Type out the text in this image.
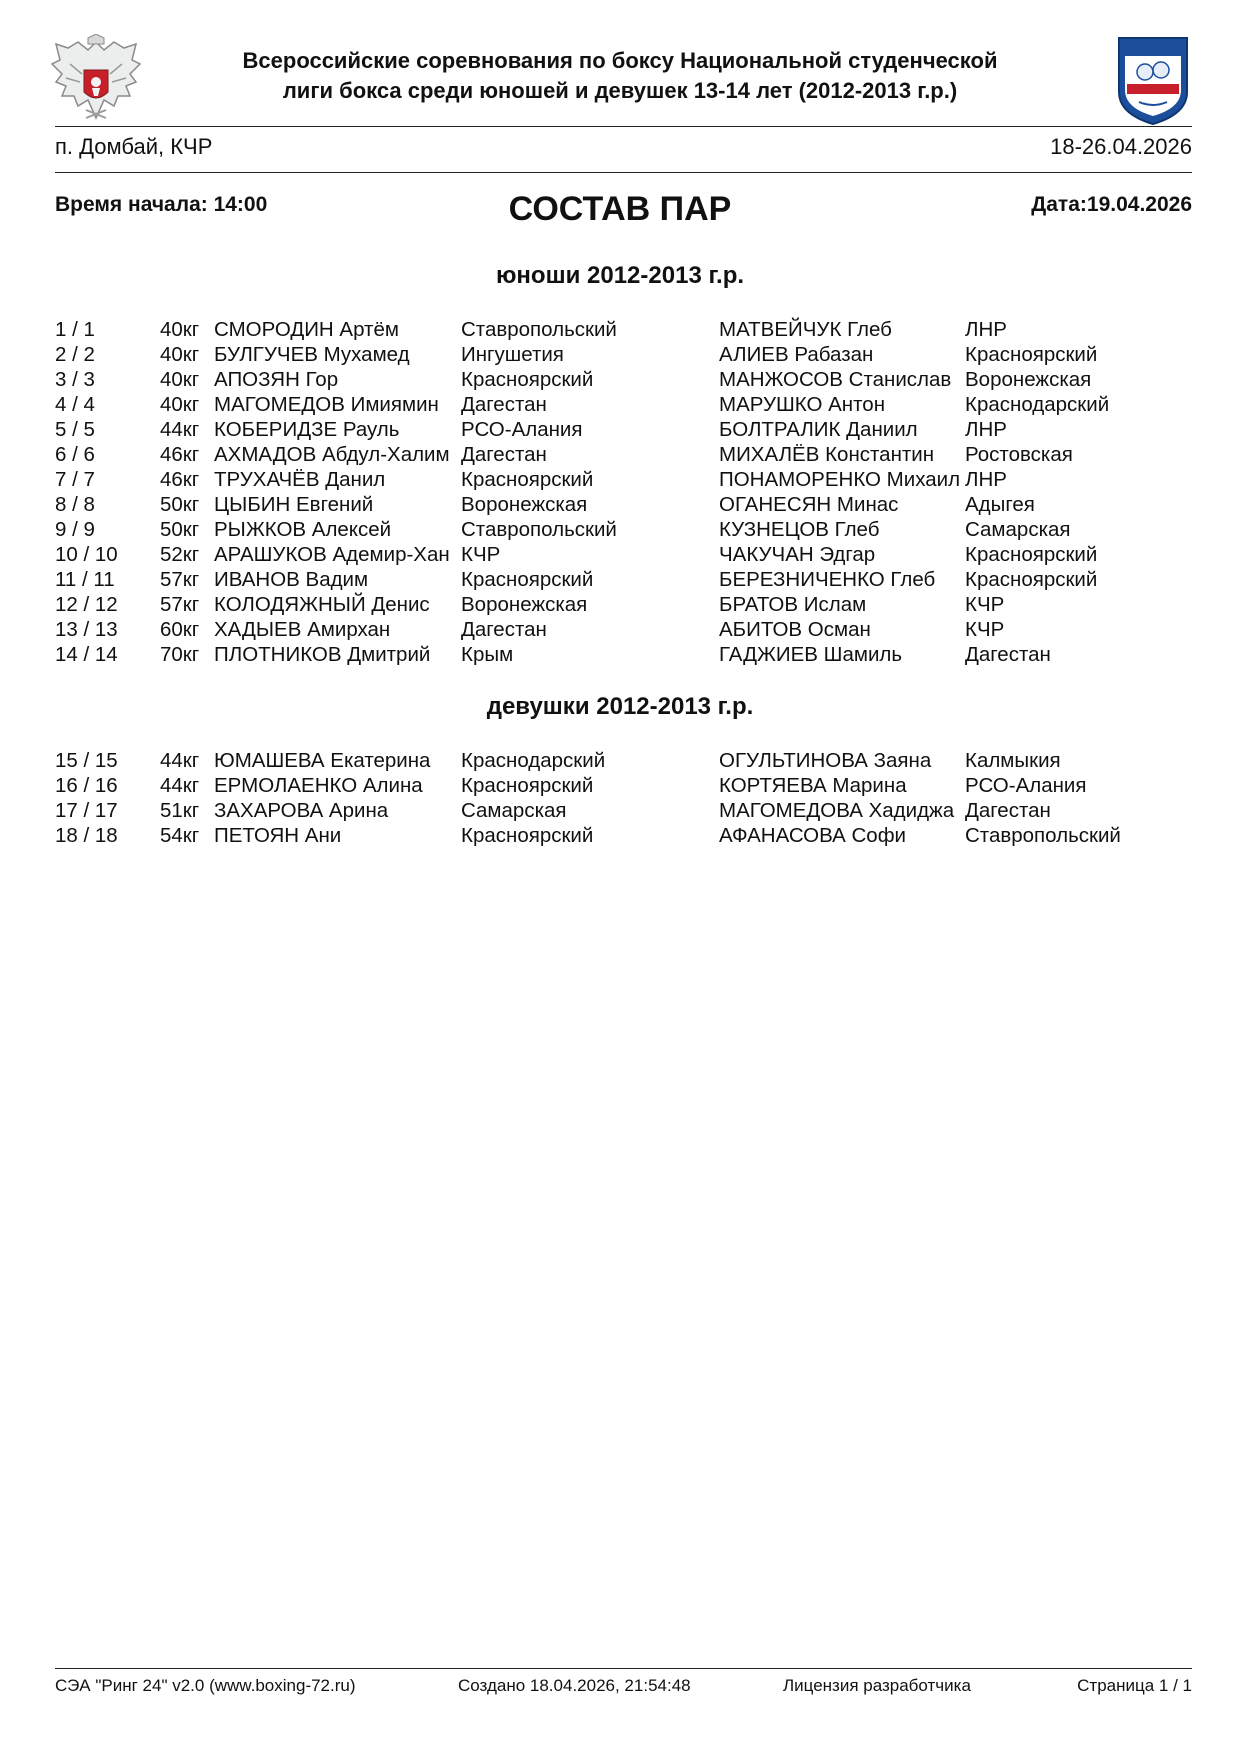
Всероссийские соревнования по боксу Национальной студенческой
лиги бокса среди юношей и девушек 13-14 лет (2012-2013 г.р.)
п. Домбай, КЧР	18-26.04.2026
Время начала: 14:00	СОСТАВ ПАР	Дата:19.04.2026
юноши 2012-2013 г.р.
1 / 1	40кг	СМОРОДИН Артём	Ставропольский	МАТВЕЙЧУК Глеб	ЛНР
2 / 2	40кг	БУЛГУЧЕВ Мухамед	Ингушетия	АЛИЕВ Рабазан	Красноярский
3 / 3	40кг	АПОЗЯН Гор	Красноярский	МАНЖОСОВ Станислав	Воронежская
4 / 4	40кг	МАГОМЕДОВ Имиямин	Дагестан	МАРУШКО Антон	Краснодарский
5 / 5	44кг	КОБЕРИДЗЕ Рауль	РСО-Алания	БОЛТРАЛИК Даниил	ЛНР
6 / 6	46кг	АХМАДОВ Абдул-Халим	Дагестан	МИХАЛЁВ Константин	Ростовская
7 / 7	46кг	ТРУХАЧЁВ Данил	Красноярский	ПОНАМОРЕНКО Михаил	ЛНР
8 / 8	50кг	ЦЫБИН Евгений	Воронежская	ОГАНЕСЯН Минас	Адыгея
9 / 9	50кг	РЫЖКОВ Алексей	Ставропольский	КУЗНЕЦОВ Глеб	Самарская
10 / 10	52кг	АРАШУКОВ Адемир-Хан	КЧР	ЧАКУЧАН Эдгар	Красноярский
11 / 11	57кг	ИВАНОВ Вадим	Красноярский	БЕРЕЗНИЧЕНКО Глеб	Красноярский
12 / 12	57кг	КОЛОДЯЖНЫЙ Денис	Воронежская	БРАТОВ Ислам	КЧР
13 / 13	60кг	ХАДЫЕВ Амирхан	Дагестан	АБИТОВ Осман	КЧР
14 / 14	70кг	ПЛОТНИКОВ Дмитрий	Крым	ГАДЖИЕВ Шамиль	Дагестан
девушки 2012-2013 г.р.
15 / 15	44кг	ЮМАШЕВА Екатерина	Краснодарский	ОГУЛЬТИНОВА Заяна	Калмыкия
16 / 16	44кг	ЕРМОЛАЕНКО Алина	Красноярский	КОРТЯЕВА Марина	РСО-Алания
17 / 17	51кг	ЗАХАРОВА Арина	Самарская	МАГОМЕДОВА Хадиджа	Дагестан
18 / 18	54кг	ПЕТОЯН Ани	Красноярский	АФАНАСОВА Софи	Ставропольский
СЭА "Ринг 24" v2.0 (www.boxing-72.ru)	Создано 18.04.2026, 21:54:48	Лицензия разработчика	Страница 1 / 1
